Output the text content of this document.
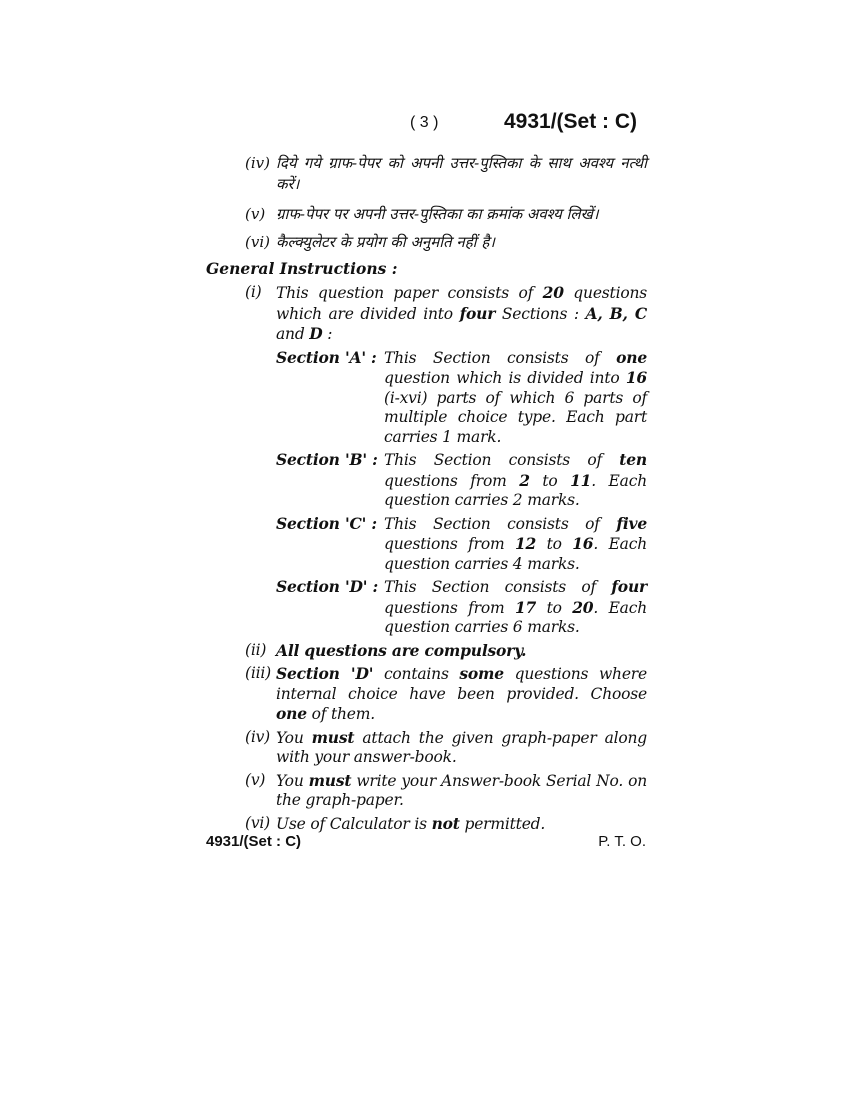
( 3 )	4931/(Set : C)
(iv) दिये गये ग्राफ-पेपर को अपनी उत्तर-पुस्तिका के साथ अवश्य नत्थी करें।
(v) ग्राफ-पेपर पर अपनी उत्तर-पुस्तिका का क्रमांक अवश्य लिखें।
(vi) कैल्क्युलेटर के प्रयोग की अनुमति नहीं है।
General Instructions :
(i) This question paper consists of 20 questions which are divided into four Sections : A, B, C and D :
Section 'A' : This Section consists of one question which is divided into 16 (i-xvi) parts of which 6 parts of multiple choice type. Each part carries 1 mark.
Section 'B' : This Section consists of ten questions from 2 to 11. Each question carries 2 marks.
Section 'C' : This Section consists of five questions from 12 to 16. Each question carries 4 marks.
Section 'D' : This Section consists of four questions from 17 to 20. Each question carries 6 marks.
(ii) All questions are compulsory.
(iii) Section 'D' contains some questions where internal choice have been provided. Choose one of them.
(iv) You must attach the given graph-paper along with your answer-book.
(v) You must write your Answer-book Serial No. on the graph-paper.
(vi) Use of Calculator is not permitted.
4931/(Set : C)	P. T. O.
